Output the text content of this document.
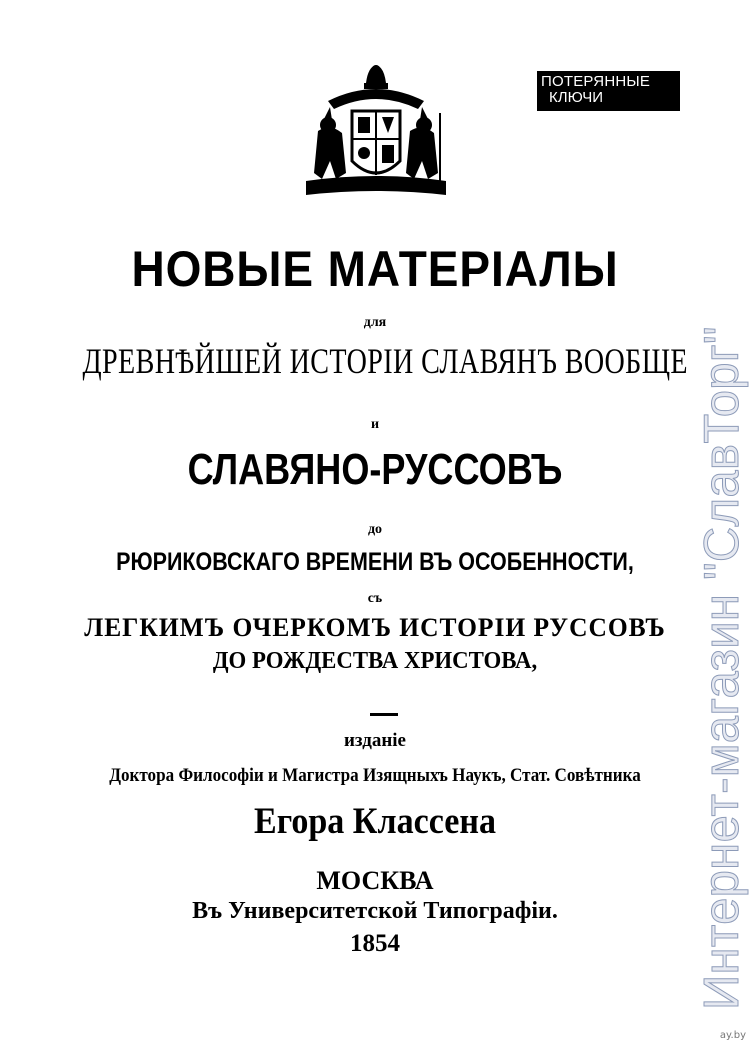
ПОТЕРЯННЫЕ
КЛЮЧИ
НОВЫЕ МАТЕРІАЛЫ
для
ДРЕВНѢЙШЕЙ ИСТОРІИ СЛАВЯНЪ ВООБЩЕ
и
СЛАВЯНО-РУССОВЪ
до
РЮРИКОВСКАГО ВРЕМЕНИ ВЪ ОСОБЕННОСТИ,
съ
ЛЕГКИМЪ ОЧЕРКОМЪ ИСТОРІИ РУССОВЪ
ДО РОЖДЕСТВА ХРИСТОВА,
изданіе
Доктора Философіи и Магистра Изящныхъ Наукъ, Стат. Совѣтника
Егора Классена
МОСКВА
Въ Университетской Типографіи.
1854	Интернет-магазин "СлавТорг"
ay.by
